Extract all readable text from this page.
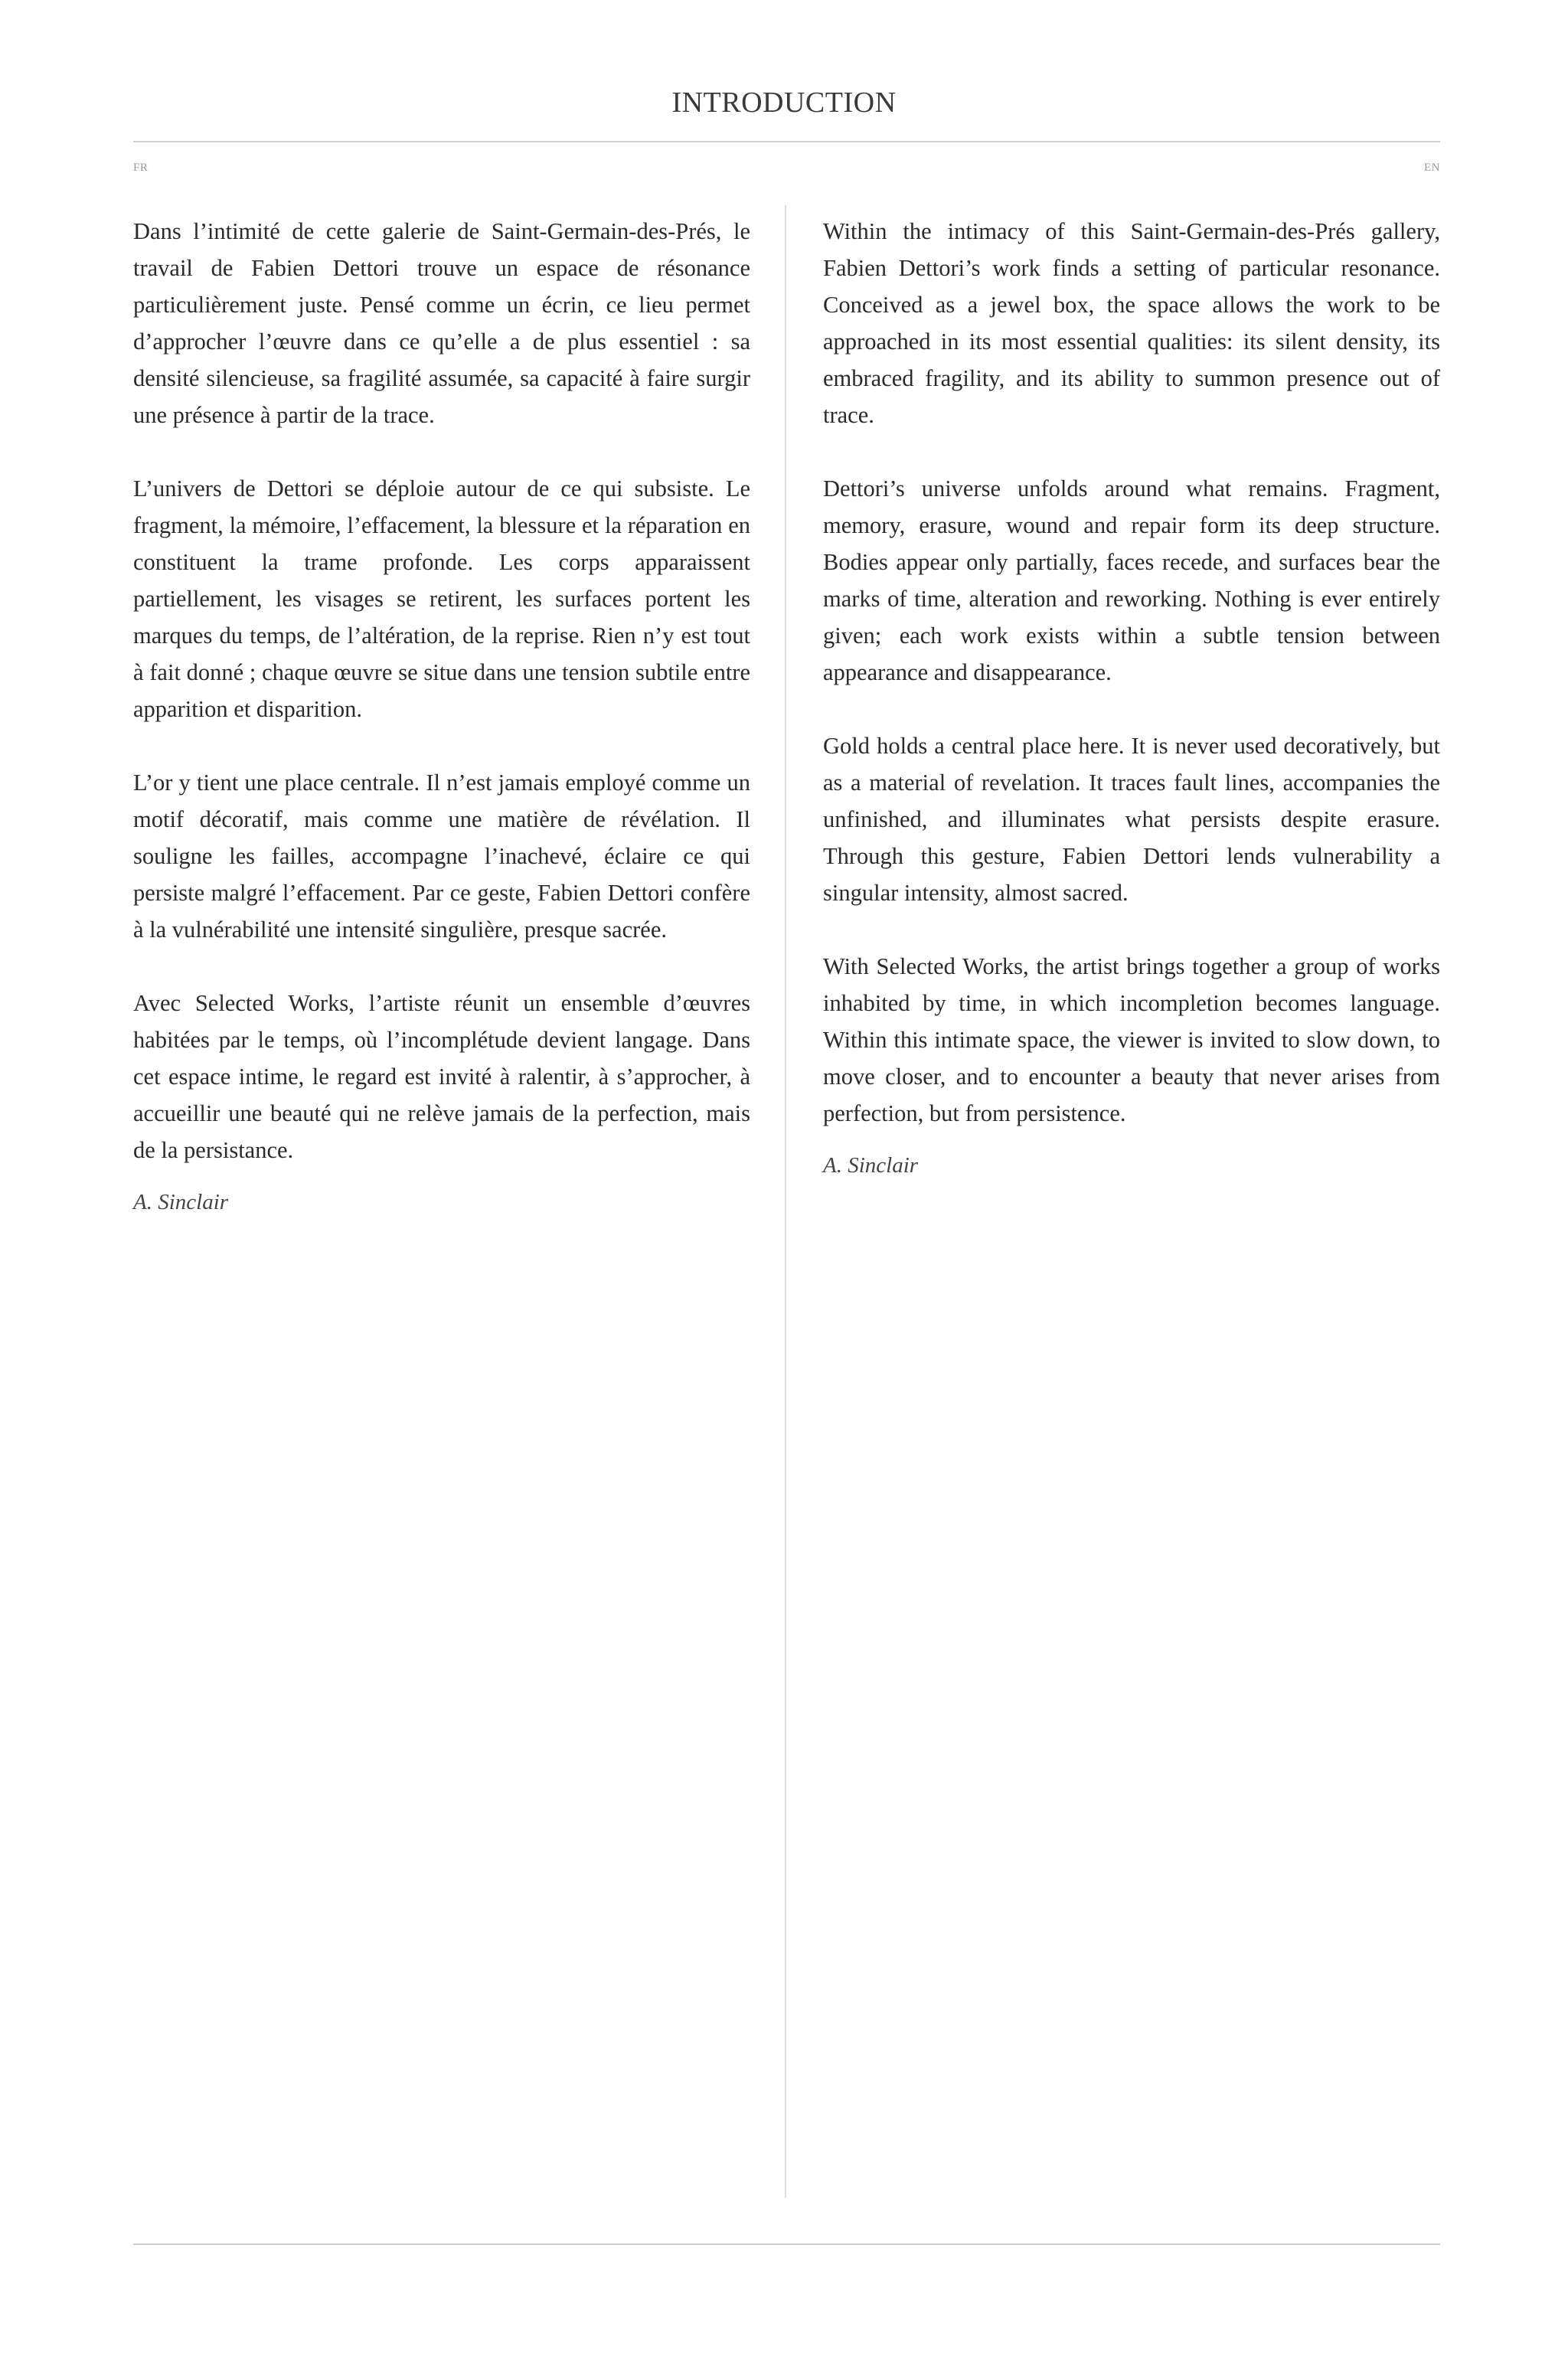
INTRODUCTION
FR	EN

Dans l’intimité de cette galerie de Saint-Germain-des-Prés, le travail de Fabien Dettori trouve un espace de résonance particulièrement juste. Pensé comme un écrin, ce lieu permet d’approcher l’œuvre dans ce qu’elle a de plus essentiel : sa densité silencieuse, sa fragilité assumée, sa capacité à faire surgir une présence à partir de la trace.

L’univers de Dettori se déploie autour de ce qui subsiste. Le fragment, la mémoire, l’effacement, la blessure et la réparation en constituent la trame profonde. Les corps apparaissent partiellement, les visages se retirent, les surfaces portent les marques du temps, de l’altération, de la reprise. Rien n’y est tout à fait donné ; chaque œuvre se situe dans une tension subtile entre apparition et disparition.

L’or y tient une place centrale. Il n’est jamais employé comme un motif décoratif, mais comme une matière de révélation. Il souligne les failles, accompagne l’inachevé, éclaire ce qui persiste malgré l’effacement. Par ce geste, Fabien Dettori confère à la vulnérabilité une intensité singulière, presque sacrée.

Avec Selected Works, l’artiste réunit un ensemble d’œuvres habitées par le temps, où l’incomplétude devient langage. Dans cet espace intime, le regard est invité à ralentir, à s’approcher, à accueillir une beauté qui ne relève jamais de la perfection, mais de la persistance.

A. Sinclair

Within the intimacy of this Saint-Germain-des-Prés gallery, Fabien Dettori’s work finds a setting of particular resonance. Conceived as a jewel box, the space allows the work to be approached in its most essential qualities: its silent density, its embraced fragility, and its ability to summon presence out of trace.

Dettori’s universe unfolds around what remains. Fragment, memory, erasure, wound and repair form its deep structure. Bodies appear only partially, faces recede, and surfaces bear the marks of time, alteration and reworking. Nothing is ever entirely given; each work exists within a subtle tension between appearance and disappearance.

Gold holds a central place here. It is never used decoratively, but as a material of revelation. It traces fault lines, accompanies the unfinished, and illuminates what persists despite erasure. Through this gesture, Fabien Dettori lends vulnerability a singular intensity, almost sacred.

With Selected Works, the artist brings together a group of works inhabited by time, in which incompletion becomes language. Within this intimate space, the viewer is invited to slow down, to move closer, and to encounter a beauty that never arises from perfection, but from persistence.

A. Sinclair
